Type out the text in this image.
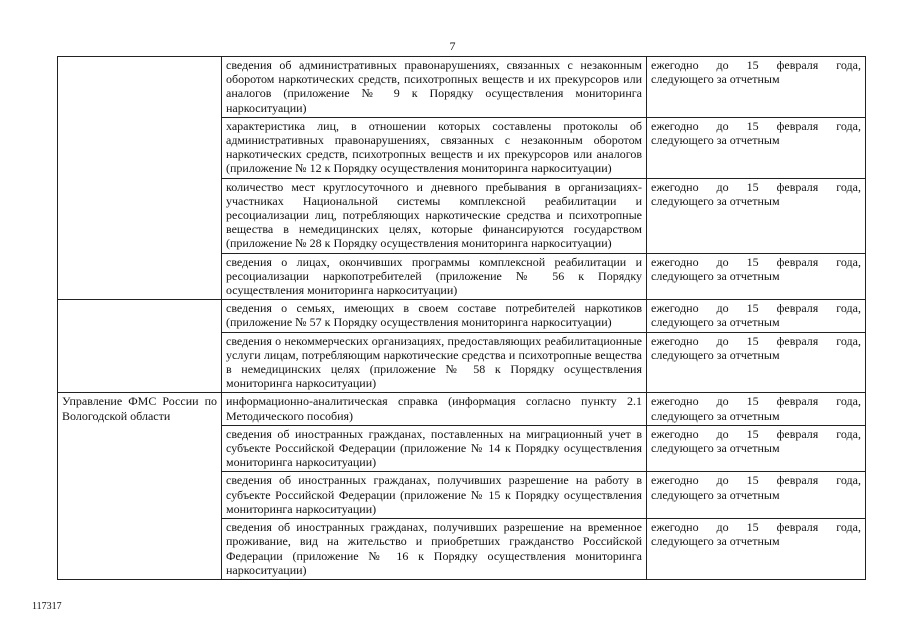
7
	сведения об административных правонарушениях, связанных с незаконным оборотом наркотических средств, психотропных веществ и их прекурсоров или аналогов (приложение № 9 к Порядку осуществления мониторинга наркоситуации)	ежегодно до 15 февраля года, следующего за отчетным
	характеристика лиц, в отношении которых составлены протоколы об административных правонарушениях, связанных с незаконным оборотом наркотических средств, психотропных веществ и их прекурсоров или аналогов (приложение № 12 к Порядку осуществления мониторинга наркоситуации)	ежегодно до 15 февраля года, следующего за отчетным
	количество мест круглосуточного и дневного пребывания в организациях-участниках Национальной системы комплексной реабилитации и ресоциализации лиц, потребляющих наркотические средства и психотропные вещества в немедицинских целях, которые финансируются государством (приложение № 28 к Порядку осуществления мониторинга наркоситуации)	ежегодно до 15 февраля года, следующего за отчетным
	сведения о лицах, окончивших программы комплексной реабилитации и ресоциализации наркопотребителей (приложение № 56 к Порядку осуществления мониторинга наркоситуации)	ежегодно до 15 февраля года, следующего за отчетным
	сведения о семьях, имеющих в своем составе потребителей наркотиков (приложение № 57 к Порядку осуществления мониторинга наркоситуации)	ежегодно до 15 февраля года, следующего за отчетным
	сведения о некоммерческих организациях, предоставляющих реабилитационные услуги лицам, потребляющим наркотические средства и психотропные вещества в немедицинских целях (приложение № 58 к Порядку осуществления мониторинга наркоситуации)	ежегодно до 15 февраля года, следующего за отчетным
Управление ФМС России по Вологодской области	информационно-аналитическая справка (информация согласно пункту 2.1 Методического пособия)	ежегодно до 15 февраля года, следующего за отчетным
	сведения об иностранных гражданах, поставленных на миграционный учет в субъекте Российской Федерации (приложение № 14 к Порядку осуществления мониторинга наркоситуации)	ежегодно до 15 февраля года, следующего за отчетным
	сведения об иностранных гражданах, получивших разрешение на работу в субъекте Российской Федерации (приложение № 15 к Порядку осуществления мониторинга наркоситуации)	ежегодно до 15 февраля года, следующего за отчетным
	сведения об иностранных гражданах, получивших разрешение на временное проживание, вид на жительство и приобретших гражданство Российской Федерации (приложение № 16 к Порядку осуществления мониторинга наркоситуации)	ежегодно до 15 февраля года, следующего за отчетным
117317
